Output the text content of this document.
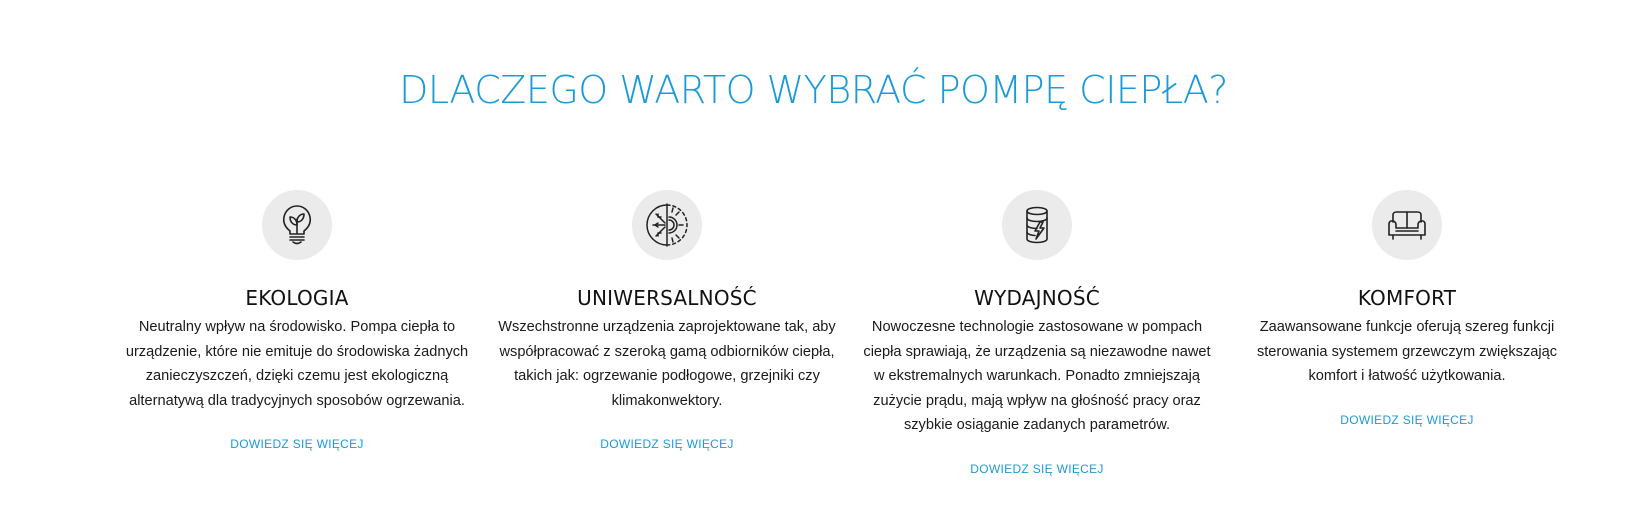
DLACZEGO WARTO WYBRAĆ POMPĘ CIEPŁA?
EKOLOGIA

Neutralny wpływ na środowisko. Pompa ciepła to urządzenie, które nie emituje do środowiska żadnych zanieczyszczeń, dzięki czemu jest ekologiczną alternatywą dla tradycyjnych sposobów ogrzewania.

DOWIEDZ SIĘ WIĘCEJ
UNIWERSALNOŚĆ

Wszechstronne urządzenia zaprojektowane tak, aby współpracować z szeroką gamą odbiorników ciepła, takich jak: ogrzewanie podłogowe, grzejniki czy klimakonwektory.

DOWIEDZ SIĘ WIĘCEJ
WYDAJNOŚĆ

Nowoczesne technologie zastosowane w pompach ciepła sprawiają, że urządzenia są niezawodne nawet w ekstremalnych warunkach. Ponadto zmniejszają zużycie prądu, mają wpływ na głośność pracy oraz szybkie osiąganie zadanych parametrów.

DOWIEDZ SIĘ WIĘCEJ
KOMFORT

Zaawansowane funkcje oferują szereg funkcji sterowania systemem grzewczym zwiększając komfort i łatwość użytkowania.

DOWIEDZ SIĘ WIĘCEJ
